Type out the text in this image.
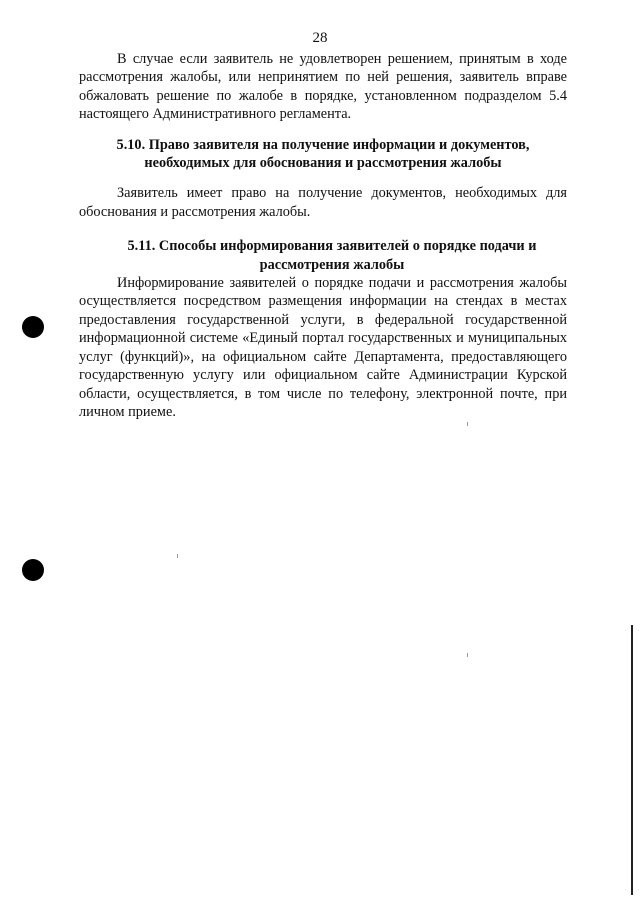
28

В случае если заявитель не удовлетворен решением, принятым в ходе рассмотрения жалобы, или непринятием по ней решения, заявитель вправе обжаловать решение по жалобе в порядке, установленном подразделом 5.4 настоящего Административного регламента.

5.10. Право заявителя на получение информации и документов, необходимых для обоснования и рассмотрения жалобы

Заявитель имеет право на получение документов, необходимых для обоснования и рассмотрения жалобы.

5.11. Способы информирования заявителей о порядке подачи и рассмотрения жалобы

Информирование заявителей о порядке подачи и рассмотрения жалобы осуществляется посредством размещения информации на стендах в местах предоставления государственной услуги, в федеральной государственной информационной системе «Единый портал государственных и муниципальных услуг (функций)», на официальном сайте Департамента, предоставляющего государственную услугу или официальном сайте Администрации Курской области, осуществляется, в том числе по телефону, электронной почте, при личном приеме.
